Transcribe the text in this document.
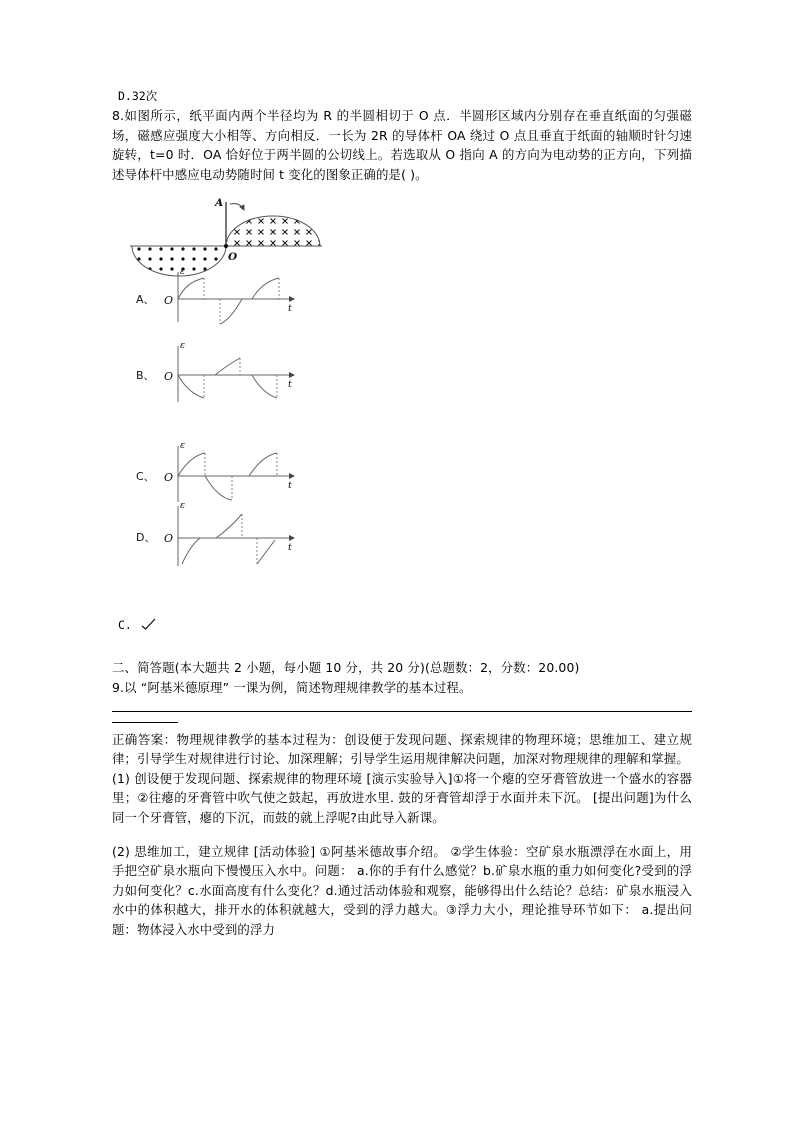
D.32次
8.如图所示，纸平面内两个半径均为 R 的半圆相切于 O 点．半圆形区域内分别存在垂直纸面的匀强磁场，磁感应强度大小相等、方向相反．一长为 2R 的导体杆 OA 绕过 O 点且垂直于纸面的轴顺时针匀速旋转，t=0 时．OA 恰好位于两半圆的公切线上。若选取从 O 指向 A 的方向为电动势的正方向，下列描述导体杆中感应电动势随时间 t 变化的图象正确的是( )。
A
O
A、 O
ε
t
B、 O
ε
t
C、 O
ε
t
D、 O
ε
t
C.
二、简答题(本大题共 2 小题，每小题 10 分，共 20 分)(总题数：2，分数：20.00)
9.以 “阿基米德原理” 一课为例，简述物理规律教学的基本过程。
正确答案：物理规律教学的基本过程为：创设便于发现问题、探索规律的物理环境；思维加工、建立规律；引导学生对规律进行讨论、加深理解；引导学生运用规律解决问题，加深对物理规律的理解和掌握。
(1) 创设便于发现问题、探索规律的物理环境 [演示实验导入]①将一个瘪的空牙膏管放进一个盛水的容器里；②往瘪的牙膏管中吹气使之鼓起，再放进水里. 鼓的牙膏管却浮于水面并未下沉。 [提出问题]为什么同一个牙膏管，瘪的下沉，而鼓的就上浮呢?由此导入新课。
(2) 思维加工，建立规律 [活动体验] ①阿基米德故事介绍。 ②学生体验：空矿泉水瓶漂浮在水面上，用手把空矿泉水瓶向下慢慢压入水中。问题： a.你的手有什么感觉？b.矿泉水瓶的重力如何变化?受到的浮力如何变化？c.水面高度有什么变化？d.通过活动体验和观察，能够得出什么结论？总结：矿泉水瓶浸入水中的体积越大，排开水的体积就越大，受到的浮力越大。③浮力大小，理论推导环节如下： a.提出问题：物体浸入水中受到的浮力
